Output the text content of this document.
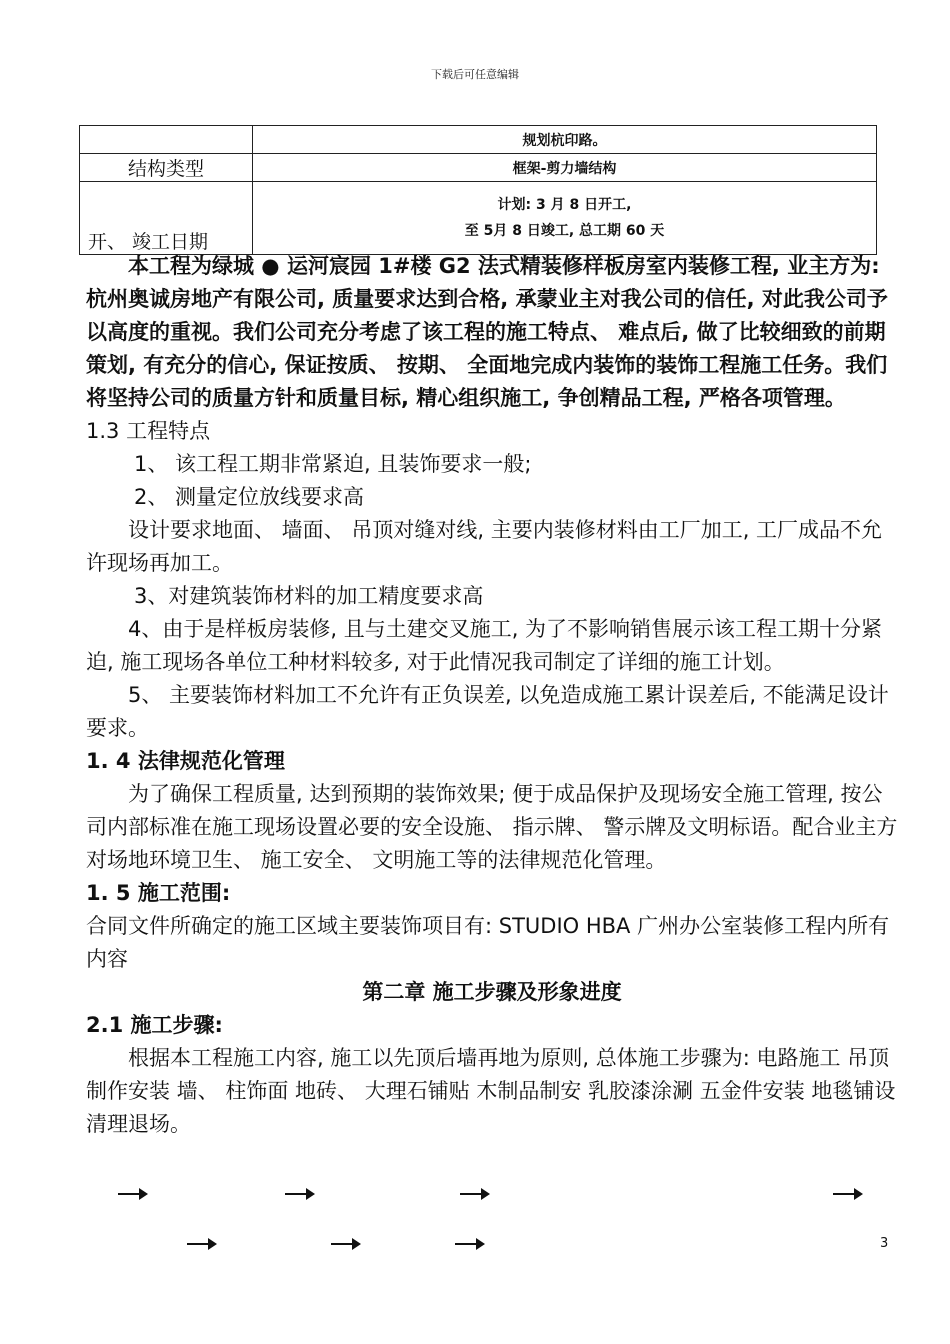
下载后可任意编辑
	规划杭印路。
结构类型	框架-剪力墙结构
开、 竣工日期	计划: 3 月 8 日开工,
至 5月 8 日竣工, 总工期 60 天

本工程为绿城 ● 运河宸园 1#楼 G2 法式精装修样板房室内装修工程, 业主方为: 杭州奥诚房地产有限公司, 质量要求达到合格, 承蒙业主对我公司的信任, 对此我公司予以高度的重视。我们公司充分考虑了该工程的施工特点、 难点后, 做了比较细致的前期策划, 有充分的信心, 保证按质、 按期、 全面地完成内装饰的装饰工程施工任务。我们将坚持公司的质量方针和质量目标, 精心组织施工, 争创精品工程, 严格各项管理。

1.3 工程特点

1、 该工程工期非常紧迫, 且装饰要求一般;

2、 测量定位放线要求高

设计要求地面、 墙面、 吊顶对缝对线, 主要内装修材料由工厂加工, 工厂成品不允许现场再加工。

3、对建筑装饰材料的加工精度要求高

4、由于是样板房装修, 且与土建交叉施工, 为了不影响销售展示该工程工期十分紧迫, 施工现场各单位工种材料较多, 对于此情况我司制定了详细的施工计划。

5、 主要装饰材料加工不允许有正负误差, 以免造成施工累计误差后, 不能满足设计要求。

1. 4 法律规范化管理

为了确保工程质量, 达到预期的装饰效果; 便于成品保护及现场安全施工管理, 按公司内部标准在施工现场设置必要的安全设施、 指示牌、 警示牌及文明标语。配合业主方对场地环境卫生、 施工安全、 文明施工等的法律规范化管理。

1. 5 施工范围:

合同文件所确定的施工区域主要装饰项目有: STUDIO HBA 广州办公室装修工程内所有内容

第二章 施工步骤及形象进度

2.1 施工步骤:

根据本工程施工内容, 施工以先顶后墙再地为原则, 总体施工步骤为: 电路施工 吊顶制作安装 墙、 柱饰面 地砖、 大理石铺贴 木制品制安 乳胶漆涂涮 五金件安装 地毯铺设 清理退场。

3
